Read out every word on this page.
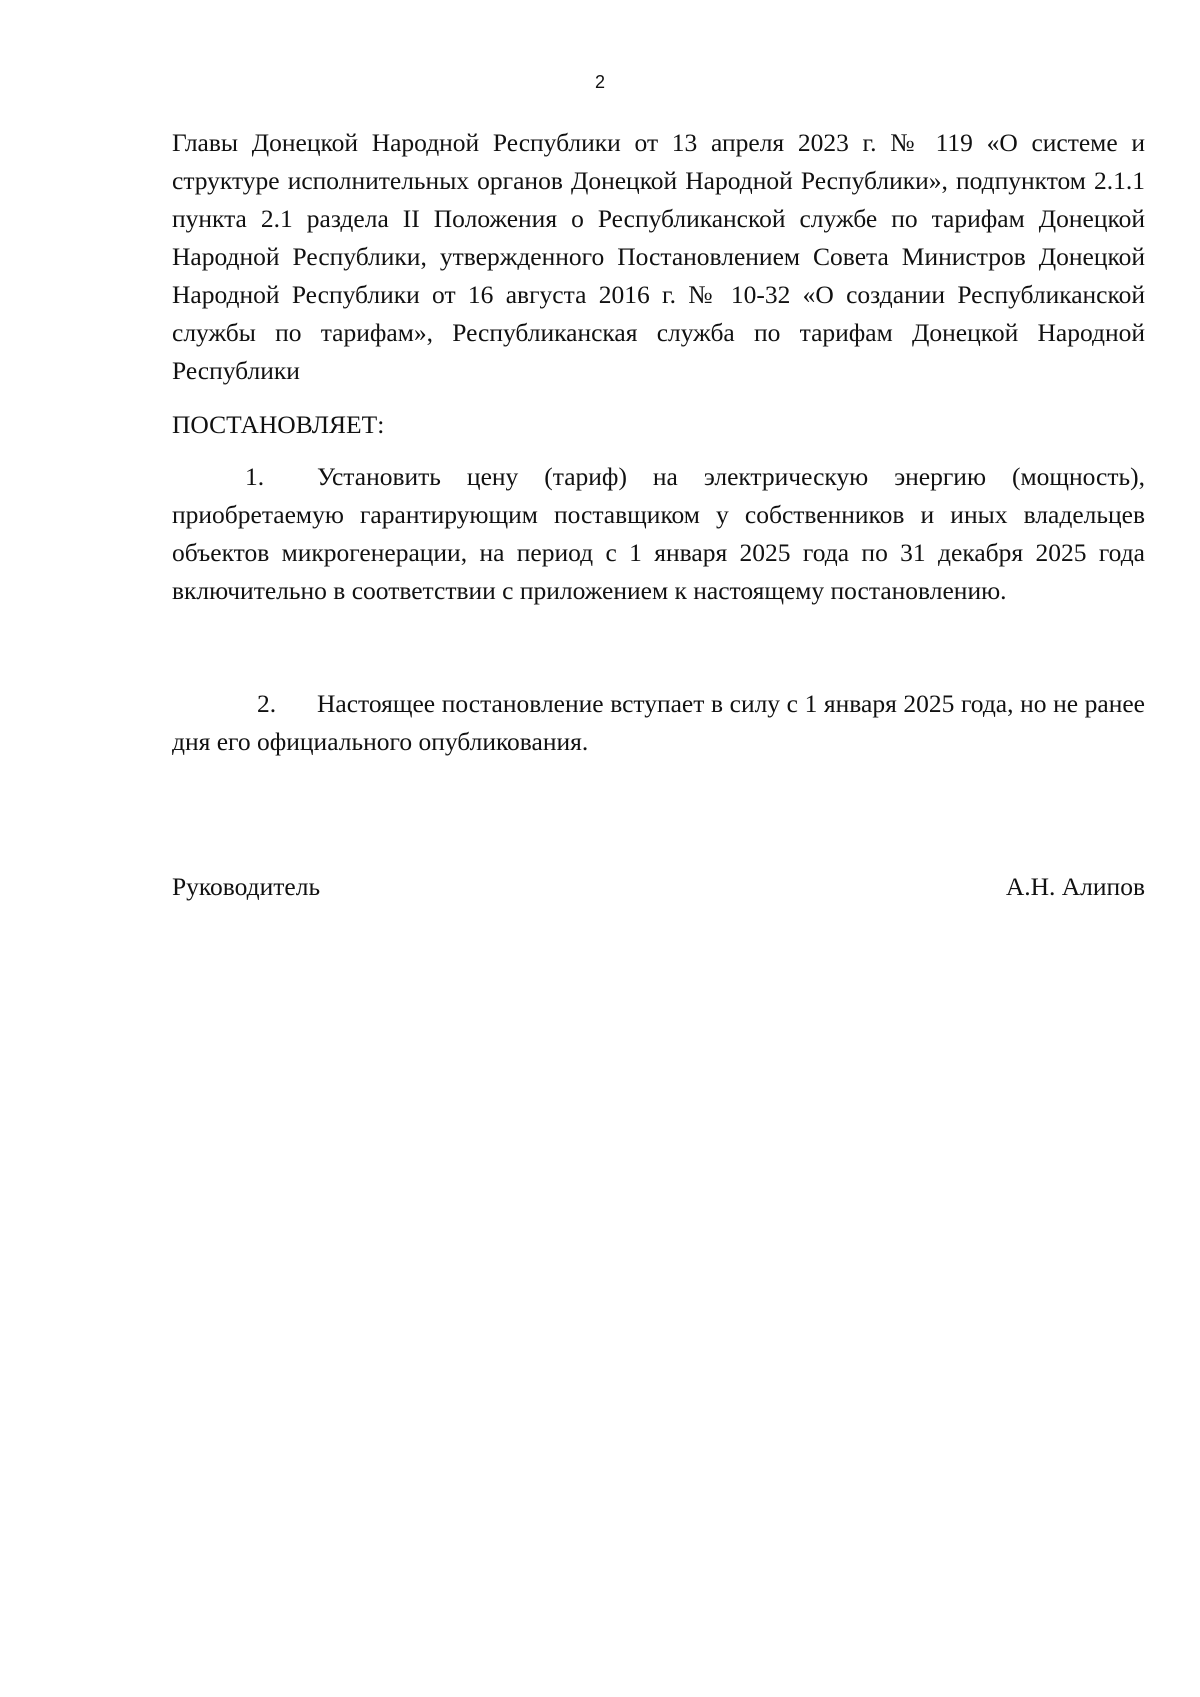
2
Главы Донецкой Народной Республики от 13 апреля 2023 г. № 119 «О системе и структуре исполнительных органов Донецкой Народной Республики», подпунктом 2.1.1 пункта 2.1 раздела II Положения о Республиканской службе по тарифам Донецкой Народной Республики, утвержденного Постановлением Совета Министров Донецкой Народной Республики от 16 августа 2016 г. № 10-32 «О создании Республиканской службы по тарифам», Республиканская служба по тарифам Донецкой Народной Республики
ПОСТАНОВЛЯЕТ:
1. Установить цену (тариф) на электрическую энергию (мощность), приобретаемую гарантирующим поставщиком у собственников и иных владельцев объектов микрогенерации, на период с 1 января 2025 года по 31 декабря 2025 года включительно в соответствии с приложением к настоящему постановлению.
2. Настоящее постановление вступает в силу с 1 января 2025 года, но не ранее дня его официального опубликования.
Руководитель	А.Н. Алипов
